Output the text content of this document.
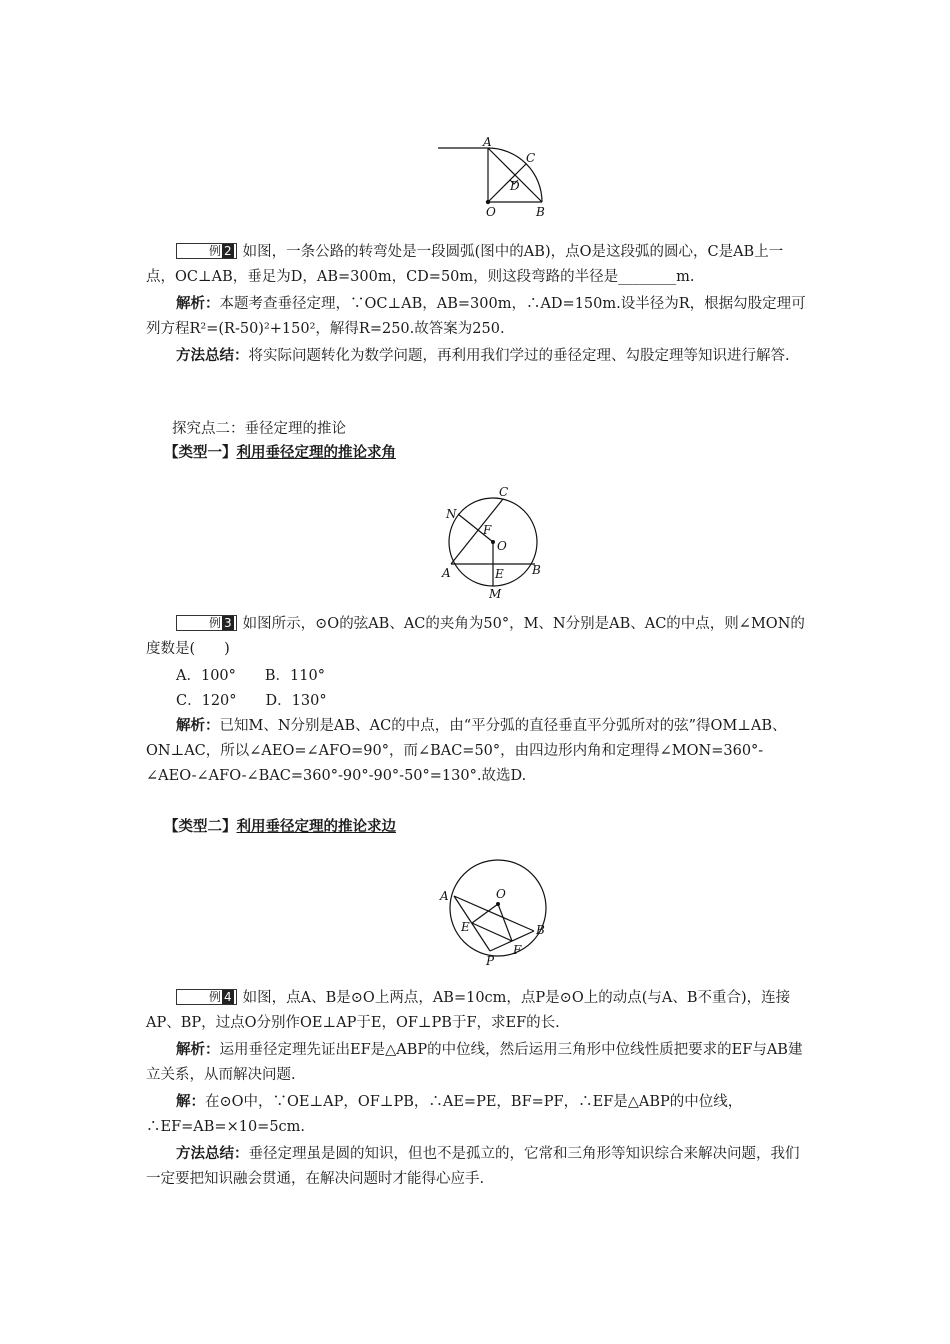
A
C
D
O	B

例 2 如图，一条公路的转弯处是一段圆弧(图中的AB)，点O是这段弧的圆心，C是AB上一点，OC⊥AB，垂足为D，AB=300m，CD=50m，则这段弯路的半径是________m.

解析：本题考查垂径定理，∵OC⊥AB，AB=300m，∴AD=150m.设半径为R，根据勾股定理可列方程R²=(R-50)²+150²，解得R=250.故答案为250.

方法总结：将实际问题转化为数学问题，再利用我们学过的垂径定理、勾股定理等知识进行解答.

探究点二：垂径定理的推论
【类型一】利用垂径定理的推论求角
C
N
F
O
A	E B
M

例 3 如图所示，⊙O的弦AB、AC的夹角为50°，M、N分别是AB、AC的中点，则∠MON的度数是(　　)

A．100°　　B．110°

C．120°　　D．130°

解析：已知M、N分别是AB、AC的中点，由“平分弧的直径垂直平分弧所对的弦”得OM⊥AB、ON⊥AC，所以∠AEO=∠AFO=90°，而∠BAC=50°，由四边形内角和定理得∠MON=360°-∠AEO-∠AFO-∠BAC=360°-90°-90°-50°=130°.故选D.

【类型二】利用垂径定理的推论求边
O
A
E	B
F
P

例 4 如图，点A、B是⊙O上两点，AB=10cm，点P是⊙O上的动点(与A、B不重合)，连接AP、BP，过点O分别作OE⊥AP于E，OF⊥PB于F，求EF的长.

解析：运用垂径定理先证出EF是△ABP的中位线，然后运用三角形中位线性质把要求的EF与AB建立关系，从而解决问题.

解：在⊙O中，∵OE⊥AP，OF⊥PB，∴AE=PE，BF=PF，∴EF是△ABP的中位线，∴EF=AB=×10=5cm.

方法总结：垂径定理虽是圆的知识，但也不是孤立的，它常和三角形等知识综合来解决问题，我们一定要把知识融会贯通，在解决问题时才能得心应手.
